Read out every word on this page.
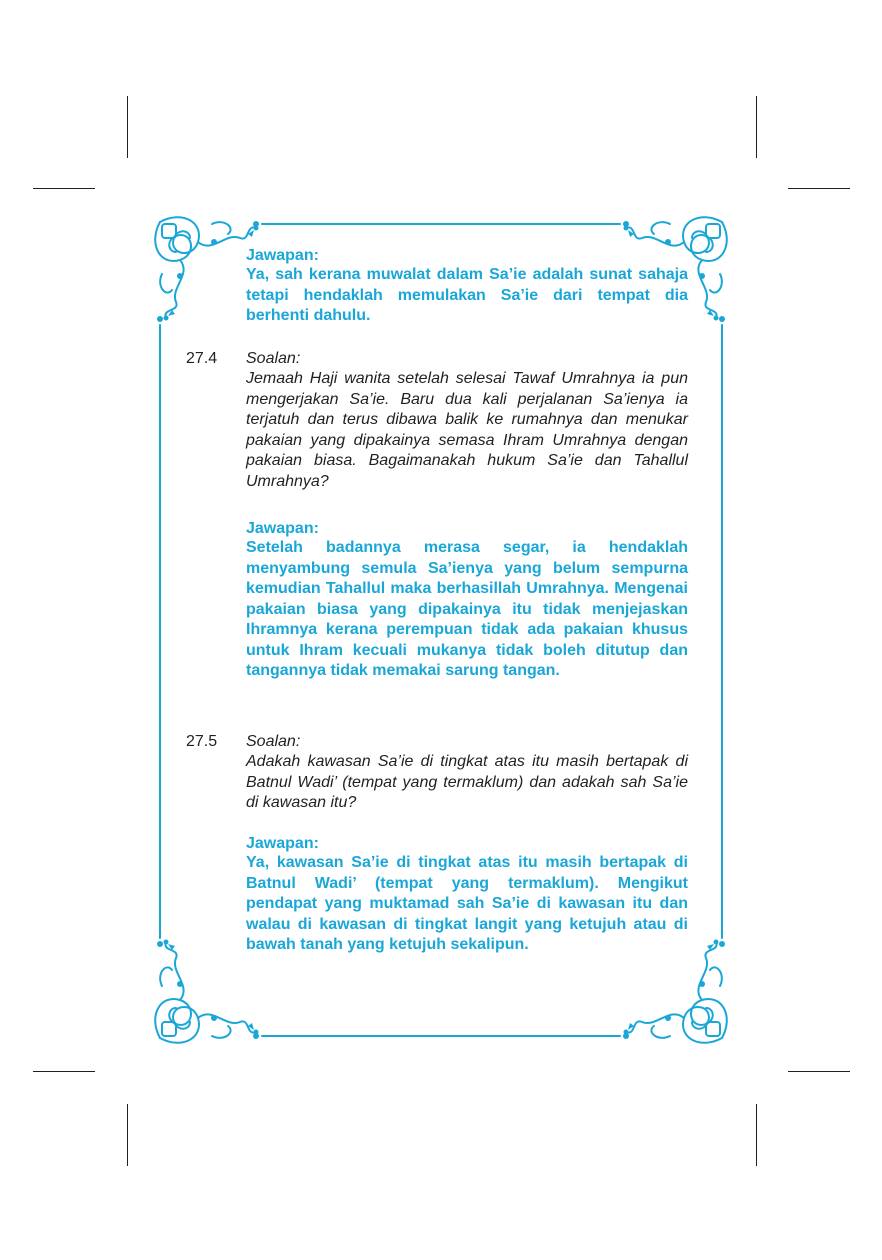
Jawapan:
Ya, sah kerana muwalat dalam Sa’ie adalah sunat sahaja tetapi hendaklah memulakan Sa’ie dari tempat dia berhenti dahulu.
27.4 Soalan:
Jemaah Haji wanita setelah selesai Tawaf Umrahnya ia pun mengerjakan Sa’ie. Baru dua kali perjalanan Sa’ienya ia terjatuh dan terus dibawa balik ke rumahnya dan menukar pakaian yang dipakainya semasa Ihram Umrahnya dengan pakaian biasa. Bagaimanakah hukum Sa’ie dan Tahallul Umrahnya?
Jawapan:
Setelah badannya merasa segar, ia hendaklah menyambung semula Sa’ienya yang belum sempurna kemudian Tahallul maka berhasillah Umrahnya. Mengenai pakaian biasa yang dipakainya itu tidak menjejaskan Ihramnya kerana perempuan tidak ada pakaian khusus untuk Ihram kecuali mukanya tidak boleh ditutup dan tangannya tidak memakai sarung tangan.
27.5 Soalan:
Adakah kawasan Sa’ie di tingkat atas itu masih bertapak di Batnul Wadi’ (tempat yang termaklum) dan adakah sah Sa’ie di kawasan itu?
Jawapan:
Ya, kawasan Sa’ie di tingkat atas itu masih bertapak di Batnul Wadi’ (tempat yang termaklum). Mengikut pendapat yang muktamad sah Sa’ie di kawasan itu dan walau di kawasan di tingkat langit yang ketujuh atau di bawah tanah yang ketujuh sekalipun.
